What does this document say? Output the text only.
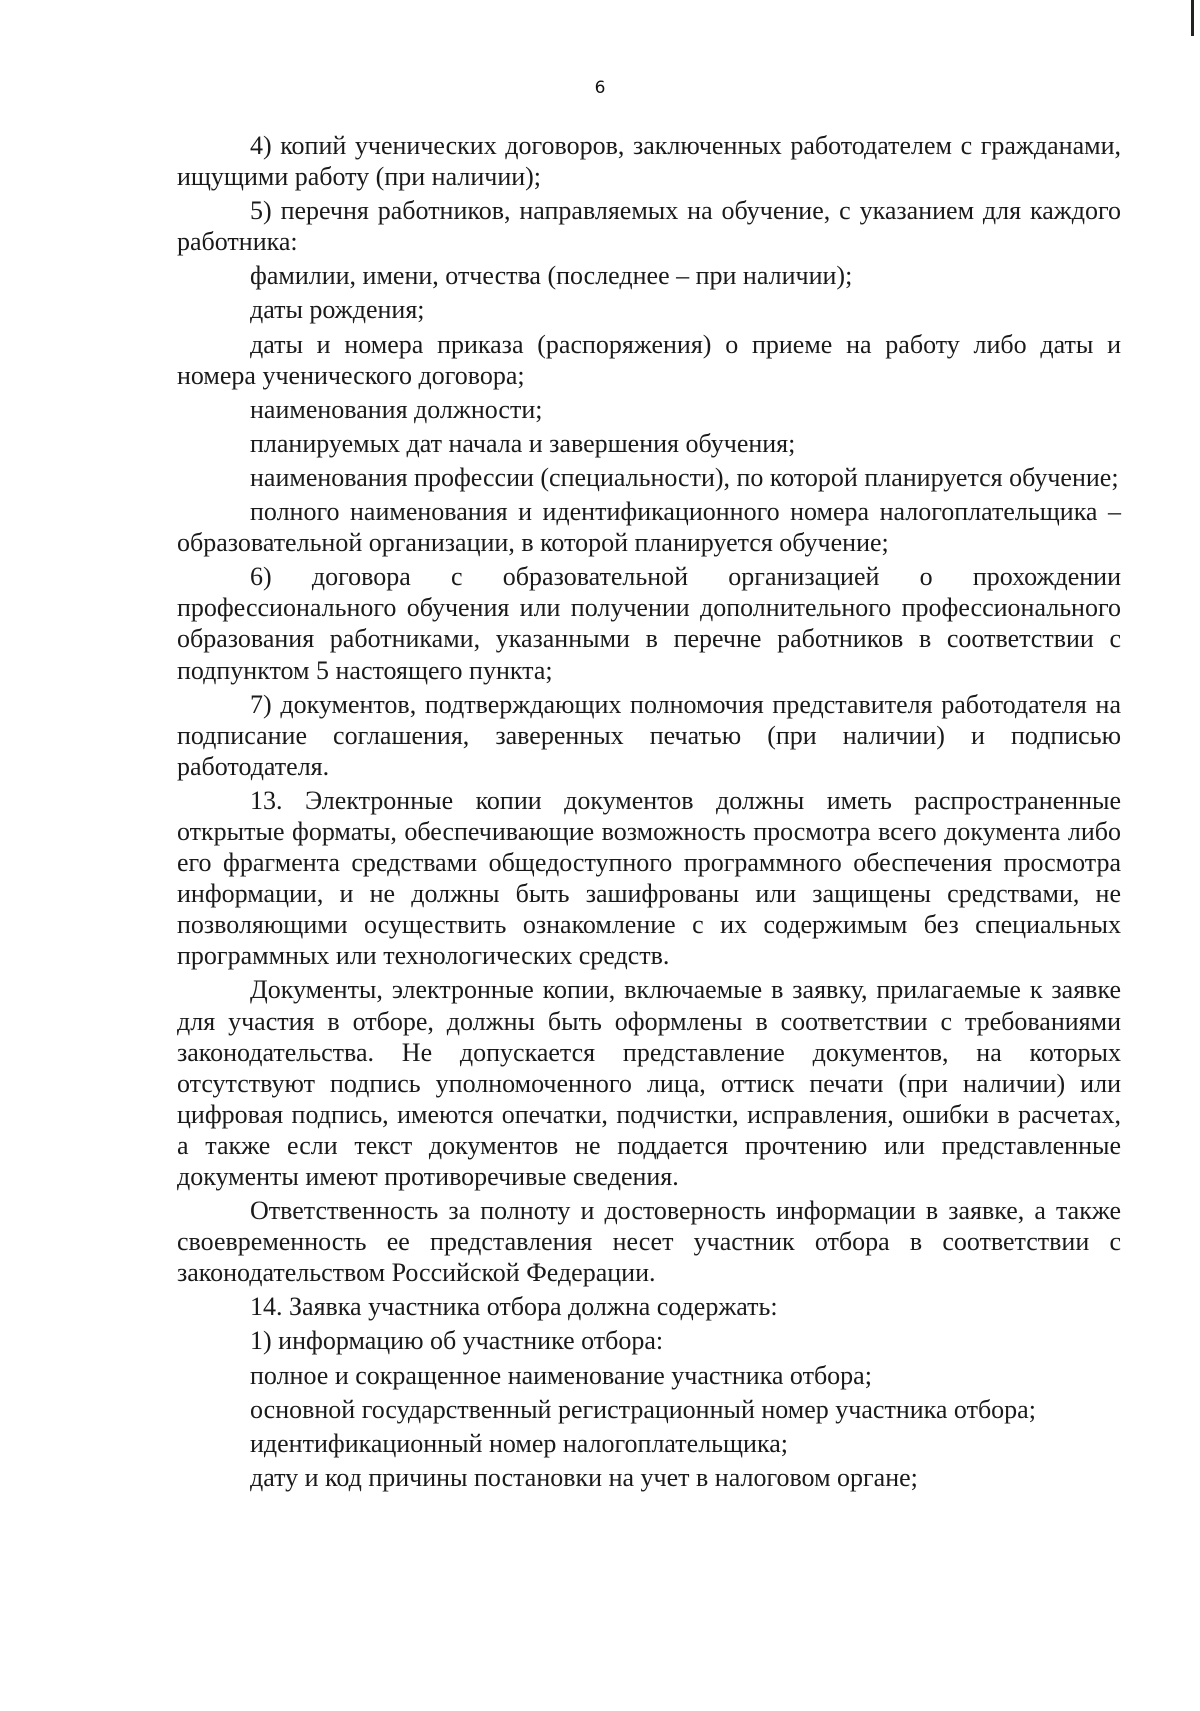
6

4) копий ученических договоров, заключенных работодателем с гражданами, ищущими работу (при наличии);

5) перечня работников, направляемых на обучение, с указанием для каждого работника:

фамилии, имени, отчества (последнее – при наличии);

даты рождения;

даты и номера приказа (распоряжения) о приеме на работу либо даты и номера ученического договора;

наименования должности;

планируемых дат начала и завершения обучения;

наименования профессии (специальности), по которой планируется обучение;

полного наименования и идентификационного номера налогоплательщика – образовательной организации, в которой планируется обучение;

6) договора с образовательной организацией о прохождении профессионального обучения или получении дополнительного профессионального образования работниками, указанными в перечне работников в соответствии с подпунктом 5 настоящего пункта;

7) документов, подтверждающих полномочия представителя работодателя на подписание соглашения, заверенных печатью (при наличии) и подписью работодателя.

13. Электронные копии документов должны иметь распространенные открытые форматы, обеспечивающие возможность просмотра всего документа либо его фрагмента средствами общедоступного программного обеспечения просмотра информации, и не должны быть зашифрованы или защищены средствами, не позволяющими осуществить ознакомление с их содержимым без специальных программных или технологических средств.

Документы, электронные копии, включаемые в заявку, прилагаемые к заявке для участия в отборе, должны быть оформлены в соответствии с требованиями законодательства. Не допускается представление документов, на которых отсутствуют подпись уполномоченного лица, оттиск печати (при наличии) или цифровая подпись, имеются опечатки, подчистки, исправления, ошибки в расчетах, а также если текст документов не поддается прочтению или представленные документы имеют противоречивые сведения.

Ответственность за полноту и достоверность информации в заявке, а также своевременность ее представления несет участник отбора в соответствии с законодательством Российской Федерации.

14. Заявка участника отбора должна содержать:

1) информацию об участнике отбора:

полное и сокращенное наименование участника отбора;

основной государственный регистрационный номер участника отбора;

идентификационный номер налогоплательщика;

дату и код причины постановки на учет в налоговом органе;
